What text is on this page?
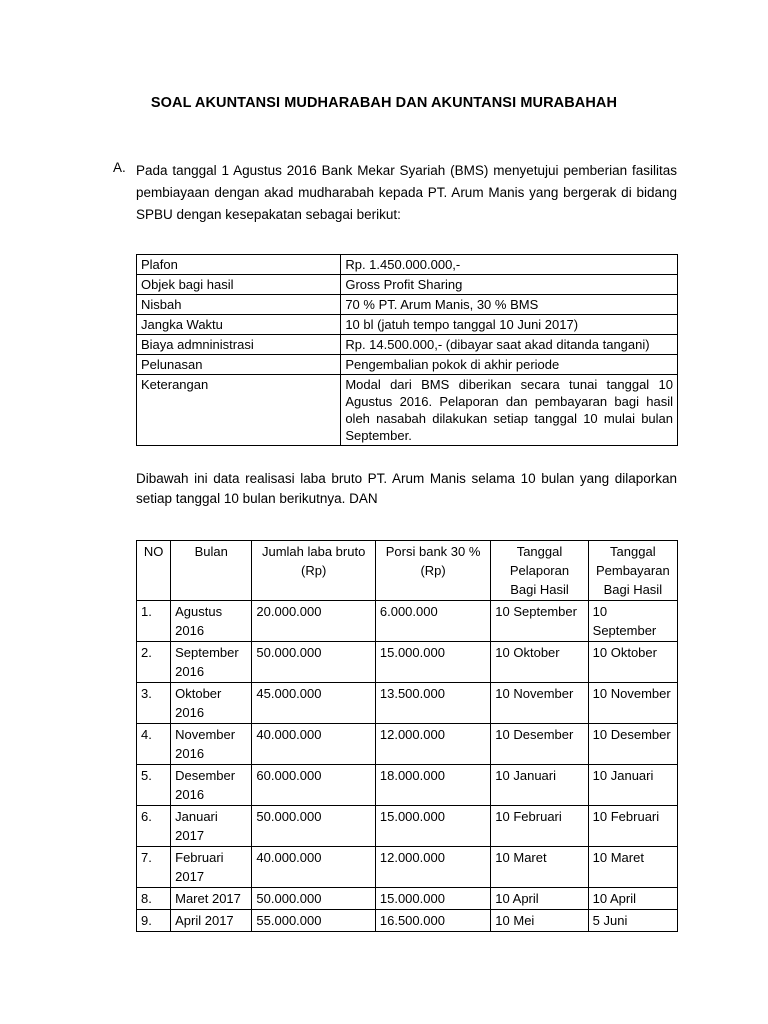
SOAL AKUNTANSI MUDHARABAH DAN AKUNTANSI MURABAHAH
A. Pada tanggal 1 Agustus 2016 Bank Mekar Syariah (BMS) menyetujui pemberian fasilitas pembiayaan dengan akad mudharabah kepada PT. Arum Manis yang bergerak di bidang SPBU dengan kesepakatan sebagai berikut:
Plafon	Rp. 1.450.000.000,-
Objek bagi hasil	Gross Profit Sharing
Nisbah	70 % PT. Arum Manis, 30 % BMS
Jangka Waktu	10 bl (jatuh tempo tanggal 10 Juni 2017)
Biaya admninistrasi	Rp. 14.500.000,- (dibayar saat akad ditanda tangani)
Pelunasan	Pengembalian pokok di akhir periode
Keterangan	Modal dari BMS diberikan secara tunai tanggal 10 Agustus 2016. Pelaporan dan pembayaran bagi hasil oleh nasabah dilakukan setiap tanggal 10 mulai bulan September.
Dibawah ini data realisasi laba bruto PT. Arum Manis selama 10 bulan yang dilaporkan setiap tanggal 10 bulan berikutnya. DAN
NO	Bulan	Jumlah laba bruto (Rp)	Porsi bank 30 % (Rp)	Tanggal Pelaporan Bagi Hasil	Tanggal Pembayaran Bagi Hasil
1.	Agustus 2016	20.000.000	6.000.000	10 September	10 September
2.	September 2016	50.000.000	15.000.000	10 Oktober	10 Oktober
3.	Oktober 2016	45.000.000	13.500.000	10 November	10 November
4.	November 2016	40.000.000	12.000.000	10 Desember	10 Desember
5.	Desember 2016	60.000.000	18.000.000	10 Januari	10 Januari
6.	Januari 2017	50.000.000	15.000.000	10 Februari	10 Februari
7.	Februari 2017	40.000.000	12.000.000	10 Maret	10 Maret
8.	Maret 2017	50.000.000	15.000.000	10 April	10 April
9.	April 2017	55.000.000	16.500.000	10 Mei	5 Juni
